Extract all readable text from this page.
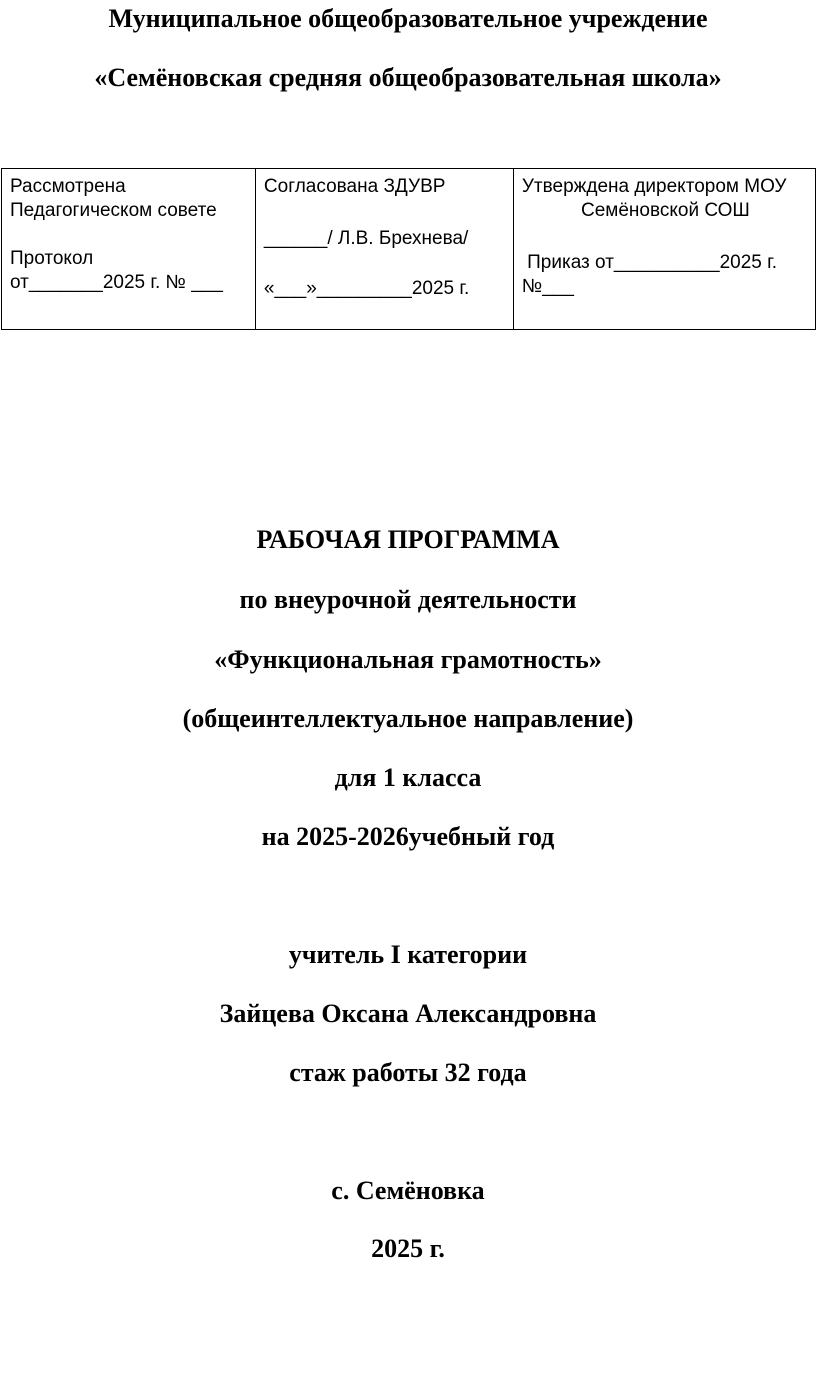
Муниципальное общеобразовательное учреждение
«Семёновская средняя общеобразовательная школа»
Рассмотрена
Педагогическом совете
Протокол
от_______2025 г. № ___

Согласована ЗДУВР
______/ Л.В. Брехнева/
«___»_________2025 г.

Утверждена директором МОУ
Семёновской СОШ
Приказ от__________2025 г.
№___
РАБОЧАЯ ПРОГРАММА
по внеурочной деятельности
«Функциональная грамотность»
(общеинтеллектуальное направление)
для 1 класса
на 2025-2026учебный год
учитель I категории
Зайцева Оксана Александровна
стаж работы 32 года
с. Семёновка
2025 г.
